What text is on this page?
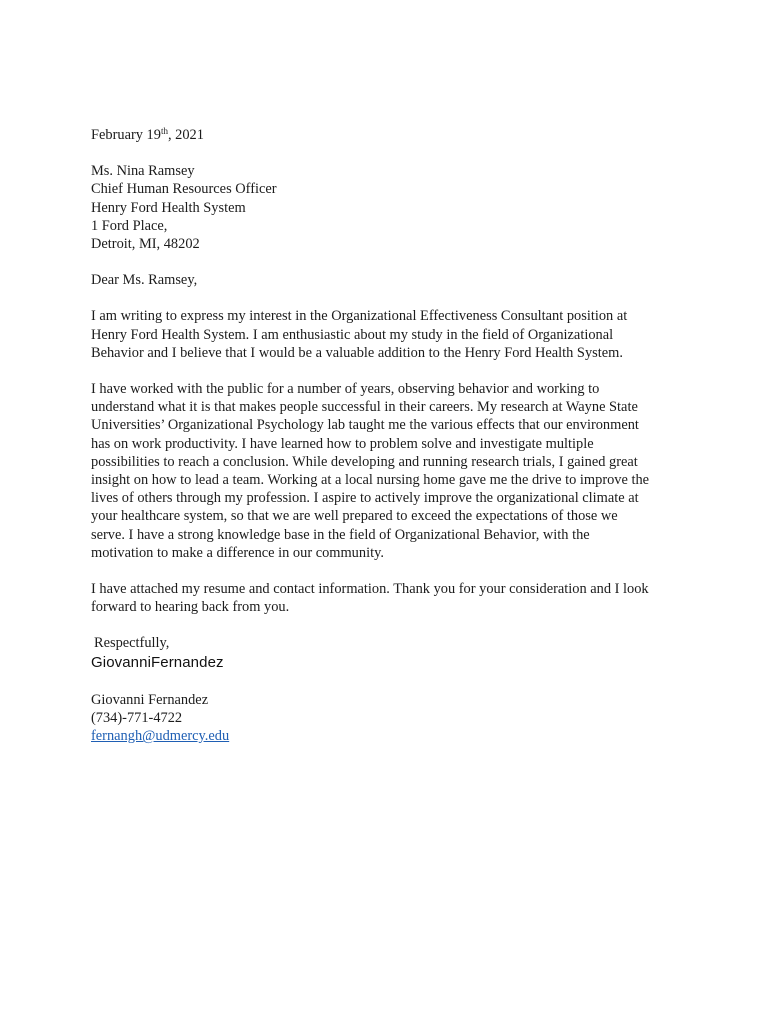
February 19th, 2021
Ms. Nina Ramsey
Chief Human Resources Officer
Henry Ford Health System
1 Ford Place,
Detroit, MI, 48202
Dear Ms. Ramsey,
I am writing to express my interest in the Organizational Effectiveness Consultant position at
Henry Ford Health System. I am enthusiastic about my study in the field of Organizational
Behavior and I believe that I would be a valuable addition to the Henry Ford Health System.
I have worked with the public for a number of years, observing behavior and working to
understand what it is that makes people successful in their careers. My research at Wayne State
Universities’ Organizational Psychology lab taught me the various effects that our environment
has on work productivity. I have learned how to problem solve and investigate multiple
possibilities to reach a conclusion. While developing and running research trials, I gained great
insight on how to lead a team. Working at a local nursing home gave me the drive to improve the
lives of others through my profession. I aspire to actively improve the organizational climate at
your healthcare system, so that we are well prepared to exceed the expectations of those we
serve. I have a strong knowledge base in the field of Organizational Behavior, with the
motivation to make a difference in our community.
I have attached my resume and contact information. Thank you for your consideration and I look
forward to hearing back from you.
Respectfully,
GiovanniFernandez
Giovanni Fernandez
(734)-771-4722
fernangh@udmercy.edu
